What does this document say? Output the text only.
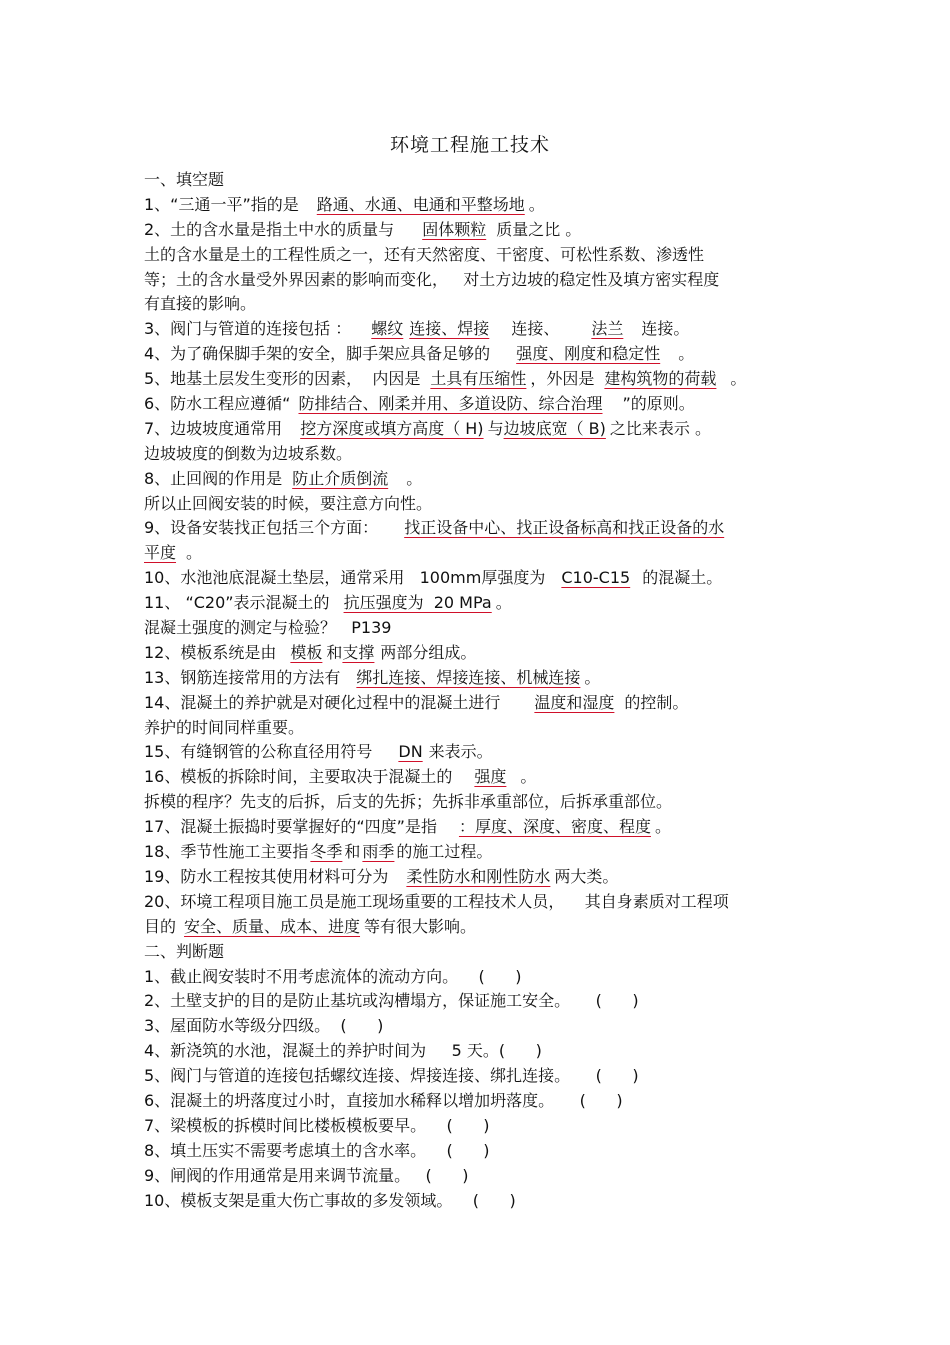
环境工程施工技术
一、填空题
1、“三通一平”指的是 路通、水通、电通和平整场地 。
2、土的含水量是指土中水的质量与 固体颗粒 质量之比 。
土的含水量是土的工程性质之一，还有天然密度、干密度、可松性系数、渗透性
等；土的含水量受外界因素的影响而变化，   对土方边坡的稳定性及填方密实程度
有直接的影响。
3、阀门与管道的连接包括 ： 螺纹 连接、焊接 连接、 法兰 连接。
4、为了确保脚手架的安全，脚手架应具备足够的 强度、刚度和稳定性 。
5、地基土层发生变形的因素，  内因是 土具有压缩性 ，外因是 建构筑物的荷载 。
6、防水工程应遵循“ 防排结合、刚柔并用、多道设防、综合治理 ”的原则。
7、边坡坡度通常用 挖方深度或填方高度（ H) 与边坡底宽（ B) 之比来表示 。
边坡坡度的倒数为边坡系数。
8、止回阀的作用是 防止介质倒流 。
所以止回阀安装的时候，要注意方向性。
9、设备安装找正包括三个方面： 找正设备中心、找正设备标高和找正设备的水
平度 。
10、水池池底混凝土垫层，通常采用   100mm厚强度为 C10-C15 的混凝土。
11、 “C20”表示混凝土的 抗压强度为  20 MPa 。
混凝土强度的测定与检验？   P139
12、模板系统是由 模板 和支撑 两部分组成。
13、钢筋连接常用的方法有 绑扎连接、焊接连接、机械连接 。
14、混凝土的养护就是对硬化过程中的混凝土进行 温度和湿度 的控制。
养护的时间同样重要。
15、有缝钢管的公称直径用符号 DN 来表示。
16、模板的拆除时间，主要取决于混凝土的 强度 。
拆模的程序？先支的后拆，后支的先拆；先拆非承重部位，后拆承重部位。
17、混凝土振捣时要掌握好的“四度”是指 ：厚度、深度、密度、程度 。
18、季节性施工主要指 冬季 和 雨季 的施工过程。
19、防水工程按其使用材料可分为 柔性防水和刚性防水 两大类。
20、环境工程项目施工员是施工现场重要的工程技术人员，    其自身素质对工程项
目的 安全、质量、成本、进度 等有很大影响。
二、判断题
1、截止阀安装时不用考虑流体的流动方向。    (      )
2、土壁支护的目的是防止基坑或沟槽塌方，保证施工安全。     (      )
3、屋面防水等级分四级。  (      )
4、新浇筑的水池，混凝土的养护时间为     5 天。(      )
5、阀门与管道的连接包括螺纹连接、焊接连接、绑扎连接。     (      )
6、混凝土的坍落度过小时，直接加水稀释以增加坍落度。     (      )
7、梁模板的拆模时间比楼板模板要早。    (      )
8、填土压实不需要考虑填土的含水率。    (      )
9、闸阀的作用通常是用来调节流量。   (      )
10、模板支架是重大伤亡事故的多发领域。    (      )
